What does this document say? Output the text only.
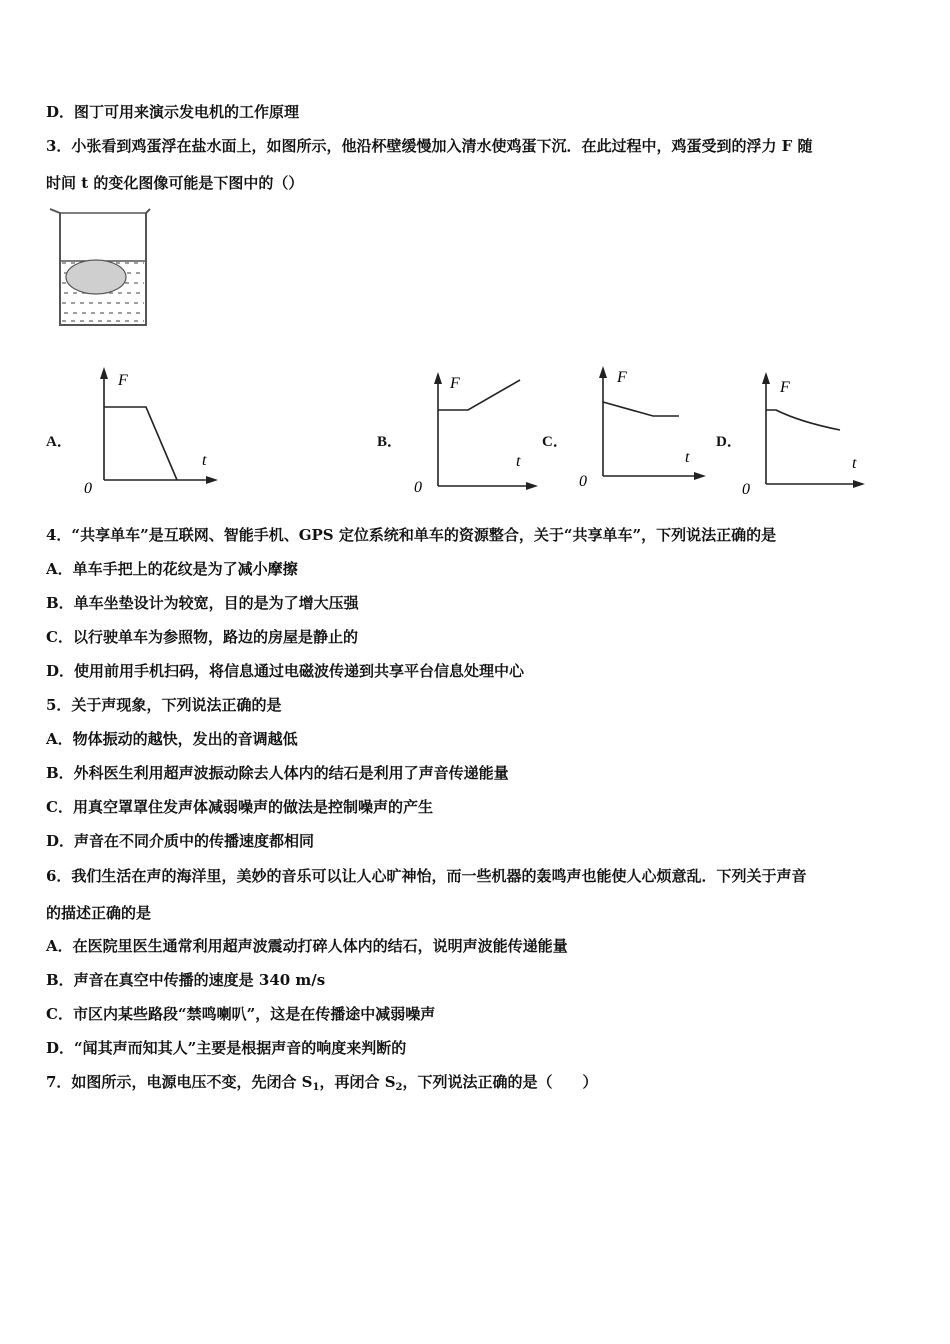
D．图丁可用来演示发电机的工作原理
3．小张看到鸡蛋浮在盐水面上，如图所示，他沿杯壁缓慢加入清水使鸡蛋下沉．在此过程中，鸡蛋受到的浮力 F 随
时间 t 的变化图像可能是下图中的（）
A．
F
t
0
B．
F
t
0
C．
F
t
0
D．
F
t
0
4．“共享单车”是互联网、智能手机、GPS 定位系统和单车的资源整合，关于“共享单车”，下列说法正确的是
A．单车手把上的花纹是为了减小摩擦
B．单车坐垫设计为较宽，目的是为了增大压强
C．以行驶单车为参照物，路边的房屋是静止的
D．使用前用手机扫码，将信息通过电磁波传递到共享平台信息处理中心
5．关于声现象，下列说法正确的是
A．物体振动的越快，发出的音调越低
B．外科医生利用超声波振动除去人体内的结石是利用了声音传递能量
C．用真空罩罩住发声体减弱噪声的做法是控制噪声的产生
D．声音在不同介质中的传播速度都相同
6．我们生活在声的海洋里，美妙的音乐可以让人心旷神怡，而一些机器的轰鸣声也能使人心烦意乱．下列关于声音
的描述正确的是
A．在医院里医生通常利用超声波震动打碎人体内的结石，说明声波能传递能量
B．声音在真空中传播的速度是 340 m/s
C．市区内某些路段“禁鸣喇叭”，这是在传播途中减弱噪声
D．“闻其声而知其人”主要是根据声音的响度来判断的
7．如图所示，电源电压不变，先闭合 $S_1$，再闭合 $S_2$，下列说法正确的是（　　）
